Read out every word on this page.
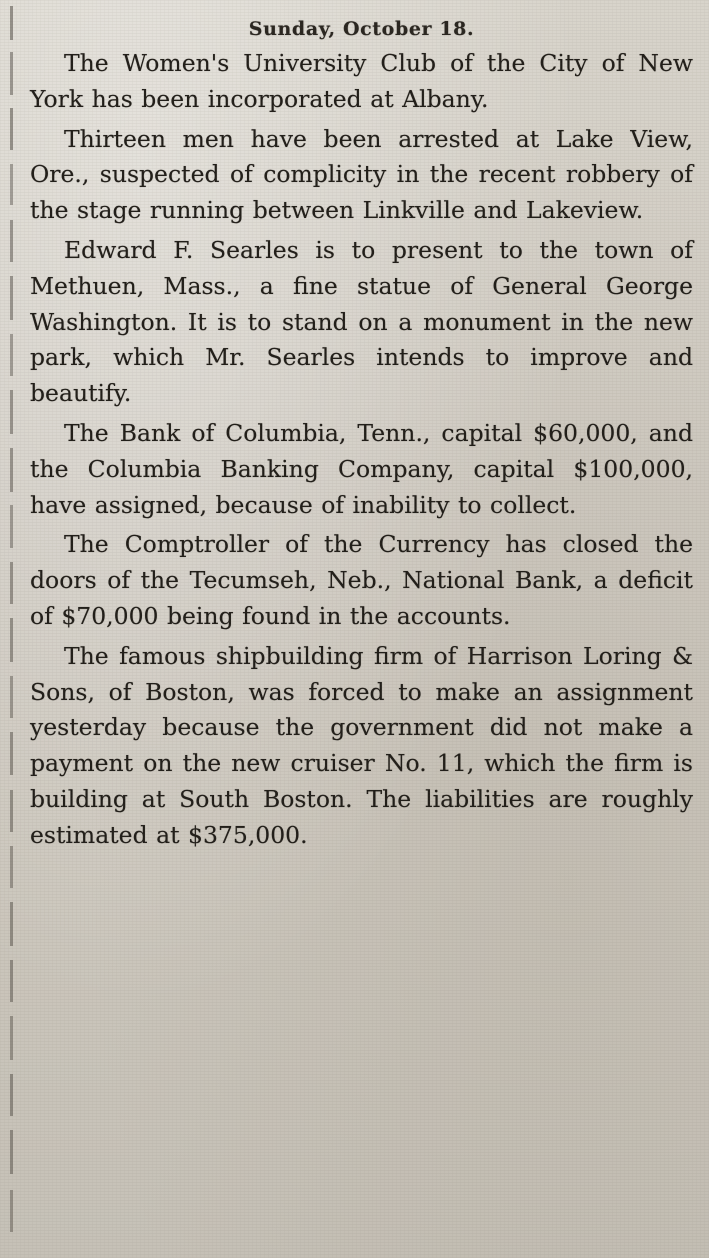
Sunday, October 18.

The Women's University Club of the City of New York has been incorporated at Albany.

Thirteen men have been arrested at Lake View, Ore., suspected of complicity in the recent robbery of the stage running between Linkville and Lakeview.

Edward F. Searles is to present to the town of Methuen, Mass., a fine statue of General George Washington. It is to stand on a monument in the new park, which Mr. Searles intends to improve and beautify.

The Bank of Columbia, Tenn., capital $60,000, and the Columbia Banking Company, capital $100,000, have assigned, because of inability to collect.

The Comptroller of the Currency has closed the doors of the Tecumseh, Neb., National Bank, a deficit of $70,000 being found in the accounts.

The famous shipbuilding firm of Harrison Loring & Sons, of Boston, was forced to make an assignment yesterday because the government did not make a payment on the new cruiser No. 11, which the firm is building at South Boston. The liabilities are roughly estimated at $375,000.
